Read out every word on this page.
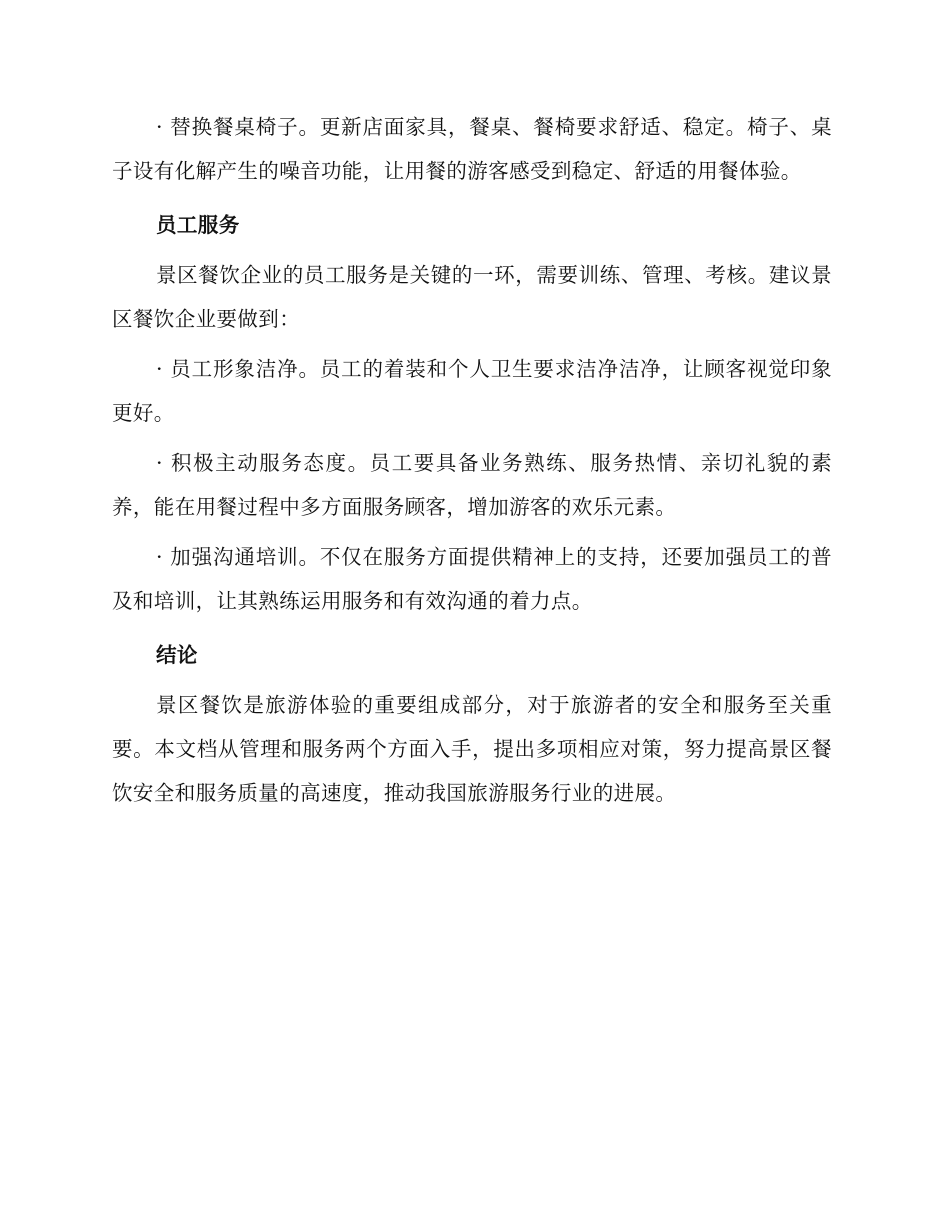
· 替换餐桌椅子。更新店面家具，餐桌、餐椅要求舒适、稳定。椅子、桌子设有化解产生的噪音功能，让用餐的游客感受到稳定、舒适的用餐体验。

员工服务

景区餐饮企业的员工服务是关键的一环，需要训练、管理、考核。建议景区餐饮企业要做到：

· 员工形象洁净。员工的着装和个人卫生要求洁净洁净，让顾客视觉印象更好。

· 积极主动服务态度。员工要具备业务熟练、服务热情、亲切礼貌的素养，能在用餐过程中多方面服务顾客，增加游客的欢乐元素。

· 加强沟通培训。不仅在服务方面提供精神上的支持，还要加强员工的普及和培训，让其熟练运用服务和有效沟通的着力点。

结论

景区餐饮是旅游体验的重要组成部分，对于旅游者的安全和服务至关重要。本文档从管理和服务两个方面入手，提出多项相应对策，努力提高景区餐饮安全和服务质量的高速度，推动我国旅游服务行业的进展。
